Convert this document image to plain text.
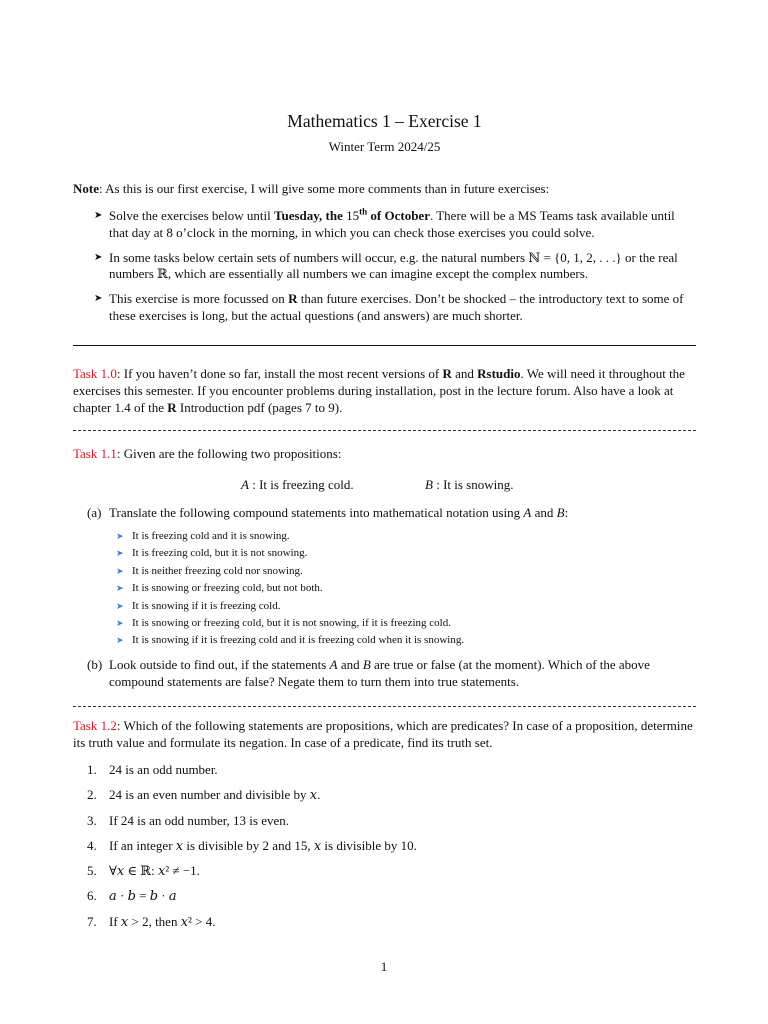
Mathematics 1 – Exercise 1
Winter Term 2024/25
Note: As this is our first exercise, I will give some more comments than in future exercises:
➤ Solve the exercises below until Tuesday, the 15th of October. There will be a MS Teams task available until that day at 8 o’clock in the morning, in which you can check those exercises you could solve.
➤ In some tasks below certain sets of numbers will occur, e.g. the natural numbers ℕ = {0, 1, 2, . . .} or the real numbers ℝ, which are essentially all numbers we can imagine except the complex numbers.
➤ This exercise is more focussed on R than future exercises. Don’t be shocked – the introductory text to some of these exercises is long, but the actual questions (and answers) are much shorter.
Task 1.0: If you haven’t done so far, install the most recent versions of R and Rstudio. We will need it throughout the exercises this semester. If you encounter problems during installation, post in the lecture forum. Also have a look at chapter 1.4 of the R Introduction pdf (pages 7 to 9).
Task 1.1: Given are the following two propositions:
A : It is freezing cold.	B : It is snowing.
(a) Translate the following compound statements into mathematical notation using A and B:
➤ It is freezing cold and it is snowing.
➤ It is freezing cold, but it is not snowing.
➤ It is neither freezing cold nor snowing.
➤ It is snowing or freezing cold, but not both.
➤ It is snowing if it is freezing cold.
➤ It is snowing or freezing cold, but it is not snowing, if it is freezing cold.
➤ It is snowing if it is freezing cold and it is freezing cold when it is snowing.
(b) Look outside to find out, if the statements A and B are true or false (at the moment). Which of the above compound statements are false? Negate them to turn them into true statements.
Task 1.2: Which of the following statements are propositions, which are predicates? In case of a proposition, determine its truth value and formulate its negation. In case of a predicate, find its truth set.
1. 24 is an odd number.
2. 24 is an even number and divisible by 𝑥.
3. If 24 is an odd number, 13 is even.
4. If an integer 𝑥 is divisible by 2 and 15, 𝑥 is divisible by 10.
5. ∀𝑥 ∈ ℝ: 𝑥² ≠ −1.
6. 𝑎 · 𝑏 = 𝑏 · 𝑎
7. If 𝑥 > 2, then 𝑥² > 4.
1
